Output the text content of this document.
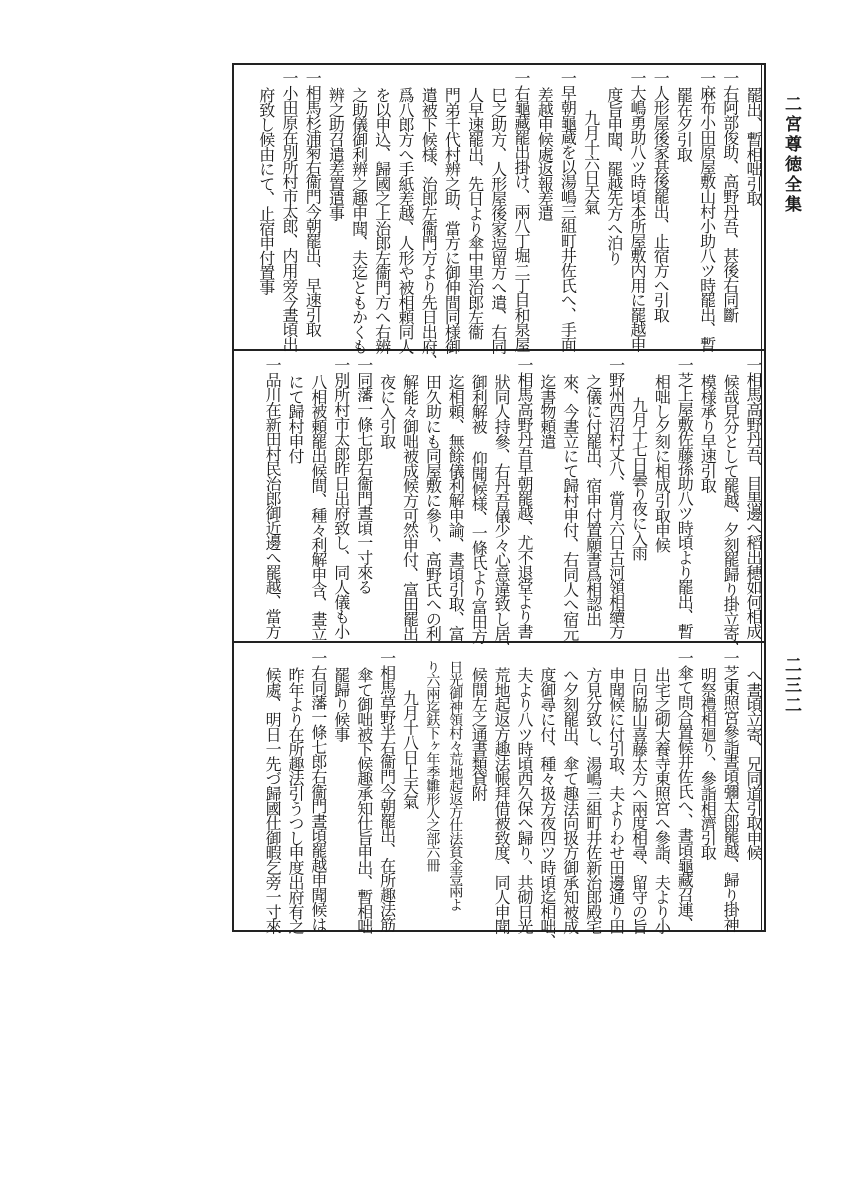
二宮尊徳全集
二三二
罷出、暫相咄引取
一右阿部俊助、高野丹吾、甚後右同斷
一麻布小田原屋敷山村小助八ツ時罷出、暫
罷在夕引取
一人形屋後家甚後罷出、止宿方へ引取
一大嶋勇助八ツ時頃本所屋敷内用に罷越申
度旨申聞、罷越先方へ泊り
九月十六日天氣
一早朝龜蔵を以湯嶋三組町井佐氏へ、手面
差越申候處返報差遣
一右龜藏罷出掛け、兩八丁堀二丁目和泉屋
巳之助方、人形屋後家逗留方へ遣、右同
人早速罷出、先日より傘中里治郎左衞
門弟千代村辨之助、當方に御伸間同様御
遣被下候様、治郎左衞門方より先日出府、
爲八郎方へ手紙差越、人形や被相頼同人
を以申込、歸國之上治郎左衞門方へ右辨
之助儀御利辨之趣申聞、夫迄ともかくも
辨之助召遣差置遣事
一相馬杉浦菊右衞門今朝罷出、早速引取
一小田原在別所村市太郎、内用旁今晝頃出
府致し候由にて、止宿申付置事
一相馬高野丹吾、目黒邊へ稻出穂如何相成
候哉見分として罷越、夕刻罷歸り掛立寄、
模様承り早速引取
一芝上屋敷佐藤孫助八ツ時頃より罷出、暫
相咄し夕刻に相成引取申候
九月十七日曇り夜に入雨
一野州西沼村丈八、當月六日古河領相續方
之儀に付罷出、宿申付置願書爲相認出
來、今晝立にて歸村申付、右同人へ宿元
迄書物頼遣
一相馬高野丹吾早朝罷越、尤不退堂より書
狀同人持參、右丹吾儀少々心意違致し居、
御利解被 仰聞候様、一條氏より富田方
迄相頼、無餘儀利解申諭、晝頃引取、富
田久助にも同屋敷に參り、高野氏への利
解能々御咄被成候方可然申付、富田罷出
夜に入引取
一同藩一條七郎右衞門晝頃一寸來る
一別所村市太郎昨日出府致し、同人儀も小
八相被頼罷出候間、種々利解申含、晝立
にて歸村申付
一品川在新田村民治郎御近邊へ罷越、當方
へ晝頃立寄、兄同道引取申候
一芝東照宮參詣晝頃彌太郎罷越、歸り掛神
明祭禮相廻り、參詣相濟引取
一傘て問合置候井佐氏へ、晝頃龜藏召連、
出宅之砌大養寺東照宮へ參詣、夫より小
日向脇山喜藤太方へ兩度相尋、留守の旨
申聞候に付引取、夫よりわせ田邊通り田
方見分致し、湯嶋三組町井佐新治郎殿宅
へ夕刻罷出、傘て趣法向扱方御承知被成
度御尋に付、種々扱方夜四ツ時頃迄相咄、
夫より八ツ時頃西久保へ歸り、共砌日光
荒地起返方趣法帳拜借被致度、同人申聞
候間左之通書類貸附
日光御神領村々荒地起返方仕法貧金壹兩よ
り六兩迄鈇下ヶ年季雛形人之部六冊
九月十八日上天氣
一相馬草野半右衞門今朝罷出、在所趣法筋
傘て御咄被下候趣承知仕旨申出、暫相咄
罷歸り候事
一右同藩一條七郎右衞門晝頃罷越申聞候は
昨年より在所趣法引うつし申度出府有之
候處、明日一先づ歸國仕御暇乞旁一寸來
